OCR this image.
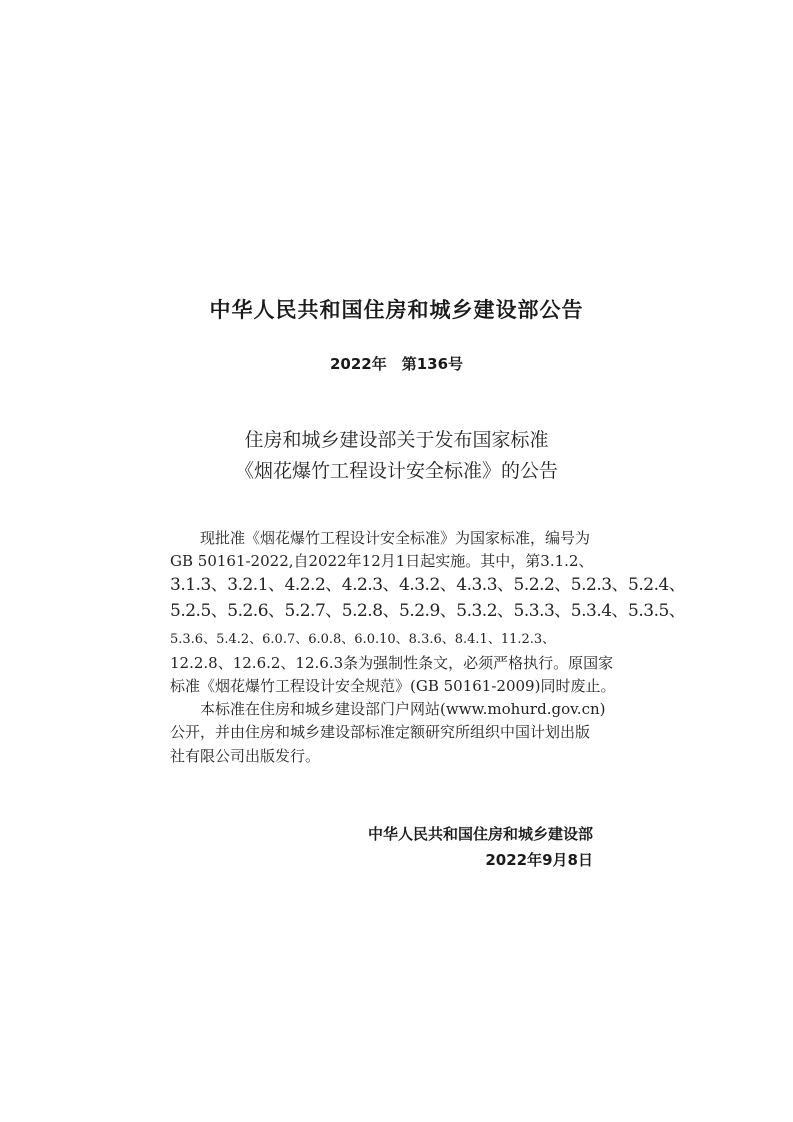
中华人民共和国住房和城乡建设部公告
2022年　第136号
住房和城乡建设部关于发布国家标准
《烟花爆竹工程设计安全标准》的公告
　　现批准《烟花爆竹工程设计安全标准》为国家标准，编号为
GB 50161-2022,自2022年12月1日起实施。其中，第3.1.2、
3.1.3、3.2.1、4.2.2、4.2.3、4.3.2、4.3.3、5.2.2、5.2.3、5.2.4、
5.2.5、5.2.6、5.2.7、5.2.8、5.2.9、5.3.2、5.3.3、5.3.4、5.3.5、
5.3.6、5.4.2、6.0.7、6.0.8、6.0.10、8.3.6、8.4.1、11.2.3、
12.2.8、12.6.2、12.6.3条为强制性条文，必须严格执行。原国家
标准《烟花爆竹工程设计安全规范》(GB 50161-2009)同时废止。
　　本标准在住房和城乡建设部门户网站(www.mohurd.gov.cn)
公开，并由住房和城乡建设部标准定额研究所组织中国计划出版
社有限公司出版发行。
中华人民共和国住房和城乡建设部
2022年9月8日
